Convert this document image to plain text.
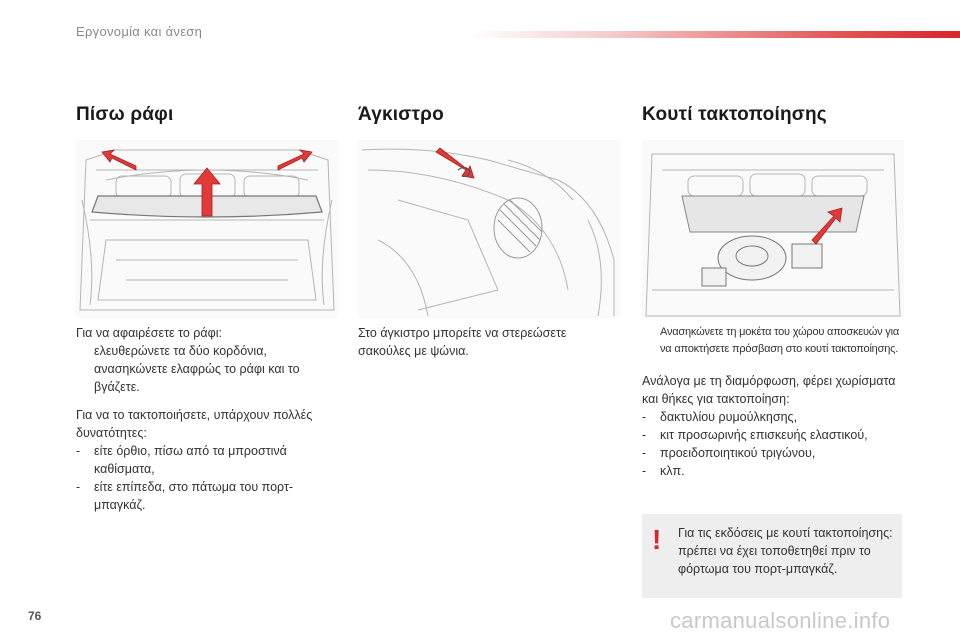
Εργονομία και άνεση
Πίσω ράφι

Για να αφαιρέσετε το ράφι:

ελευθερώνετε τα δύο κορδόνια,
ανασηκώνετε ελαφρώς το ράφι και το βγάζετε.

Για να το τακτοποιήσετε, υπάρχουν πολλές δυνατότητες:

-	είτε όρθιο, πίσω από τα μπροστινά καθίσματα,
-	είτε επίπεδα, στο πάτωμα του πορτ-μπαγκάζ.
Άγκιστρο

Στο άγκιστρο μπορείτε να στερεώσετε σακούλες με ψώνια.

Κουτί τακτοποίησης
Ανασηκώνετε τη μοκέτα του χώρου αποσκευών για να αποκτήσετε πρόσβαση στο κουτί τακτοποίησης.

Ανάλογα με τη διαμόρφωση, φέρει χωρίσματα και θήκες για τακτοποίηση:

-	δακτυλίου ρυμούλκησης,
-	κιτ προσωρινής επισκευής ελαστικού,
-	προειδοποιητικού τριγώνου,
-	κλπ.
! Για τις εκδόσεις με κουτί τακτοποίησης: πρέπει να έχει τοποθετηθεί πριν το φόρτωμα του πορτ-μπαγκάζ.
76	carmanualsonline.info
